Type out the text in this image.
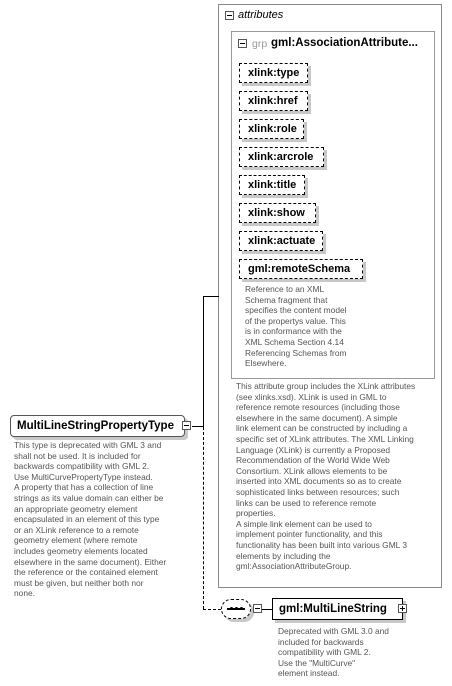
attributes
grp gml:AssociationAttribute...
xlink:type
xlink:href
xlink:role
xlink:arcrole
xlink:title
xlink:show
xlink:actuate
gml:remoteSchema
Reference to an XML
Schema fragment that
specifies the content model
of the propertys value. This
is in conformance with the
XML Schema Section 4.14
Referencing Schemas from
Elsewhere.
This attribute group includes the XLink attributes
(see xlinks.xsd). XLink is used in GML to
reference remote resources (including those
elsewhere in the same document). A simple
link element can be constructed by including a
specific set of XLink attributes. The XML Linking
Language (XLink) is currently a Proposed
Recommendation of the World Wide Web
Consortium. XLink allows elements to be
inserted into XML documents so as to create
sophisticated links between resources; such
links can be used to reference remote
properties.
A simple link element can be used to
implement pointer functionality, and this
functionality has been built into various GML 3
elements by including the
gml:AssociationAttributeGroup.
MultiLineStringPropertyType
This type is deprecated with GML 3 and
shall not be used. It is included for
backwards compatibility with GML 2.
Use MultiCurvePropertyType instead.
A property that has a collection of line
strings as its value domain can either be
an appropriate geometry element
encapsulated in an element of this type
or an XLink reference to a remote
geometry element (where remote
includes geometry elements located
elsewhere in the same document). Either
the reference or the contained element
must be given, but neither both nor
none.
gml:MultiLineString
Deprecated with GML 3.0 and
included for backwards
compatibility with GML 2.
Use the "MultiCurve"
element instead.
